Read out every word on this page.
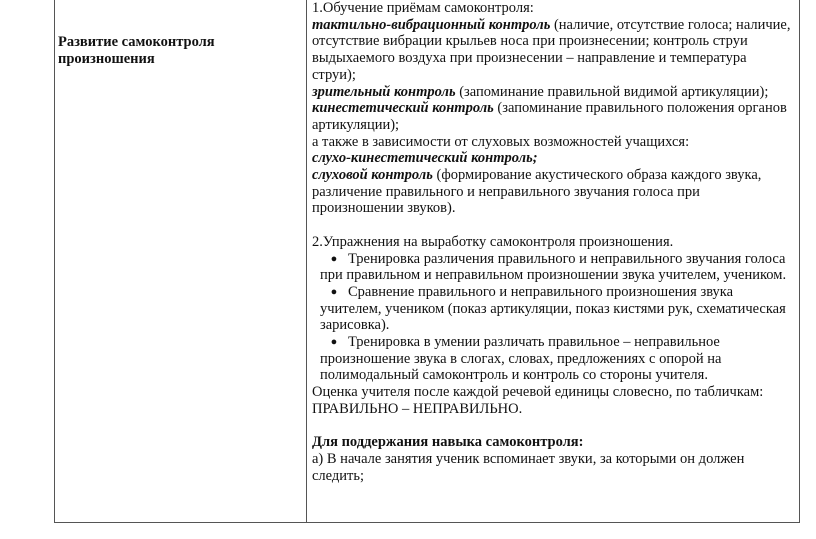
Развитие самоконтроля
произношения

1.Обучение приёмам самоконтроля:

тактильно-вибрационный контроль (наличие, отсутствие голоса; наличие, отсутствие вибрации крыльев носа при произнесении; контроль струи выдыхаемого воздуха при произнесении – направление и температура струи);

зрительный контроль (запоминание правильной видимой артикуляции);

кинестетический контроль (запоминание правильного положения органов артикуляции);

а также в зависимости от слуховых возможностей учащихся:

слухо-кинестетический контроль;

слуховой контроль (формирование акустического образа каждого звука, различение правильного и неправильного звучания голоса при произношении звуков).

2.Упражнения на выработку самоконтроля произношения.

● Тренировка различения правильного и неправильного звучания голоса при правильном и неправильном произношении звука учителем, учеником.

● Сравнение правильного и неправильного произношения звука учителем, учеником (показ артикуляции, показ кистями рук, схематическая зарисовка).

● Тренировка в умении различать правильное – неправильное произношение звука в слогах, словах, предложениях с опорой на полимодальный самоконтроль и контроль со стороны учителя.

Оценка учителя после каждой речевой единицы словесно, по табличкам: ПРАВИЛЬНО – НЕПРАВИЛЬНО.

Для поддержания навыка самоконтроля:

а) В начале занятия ученик вспоминает звуки, за которыми он должен следить;
